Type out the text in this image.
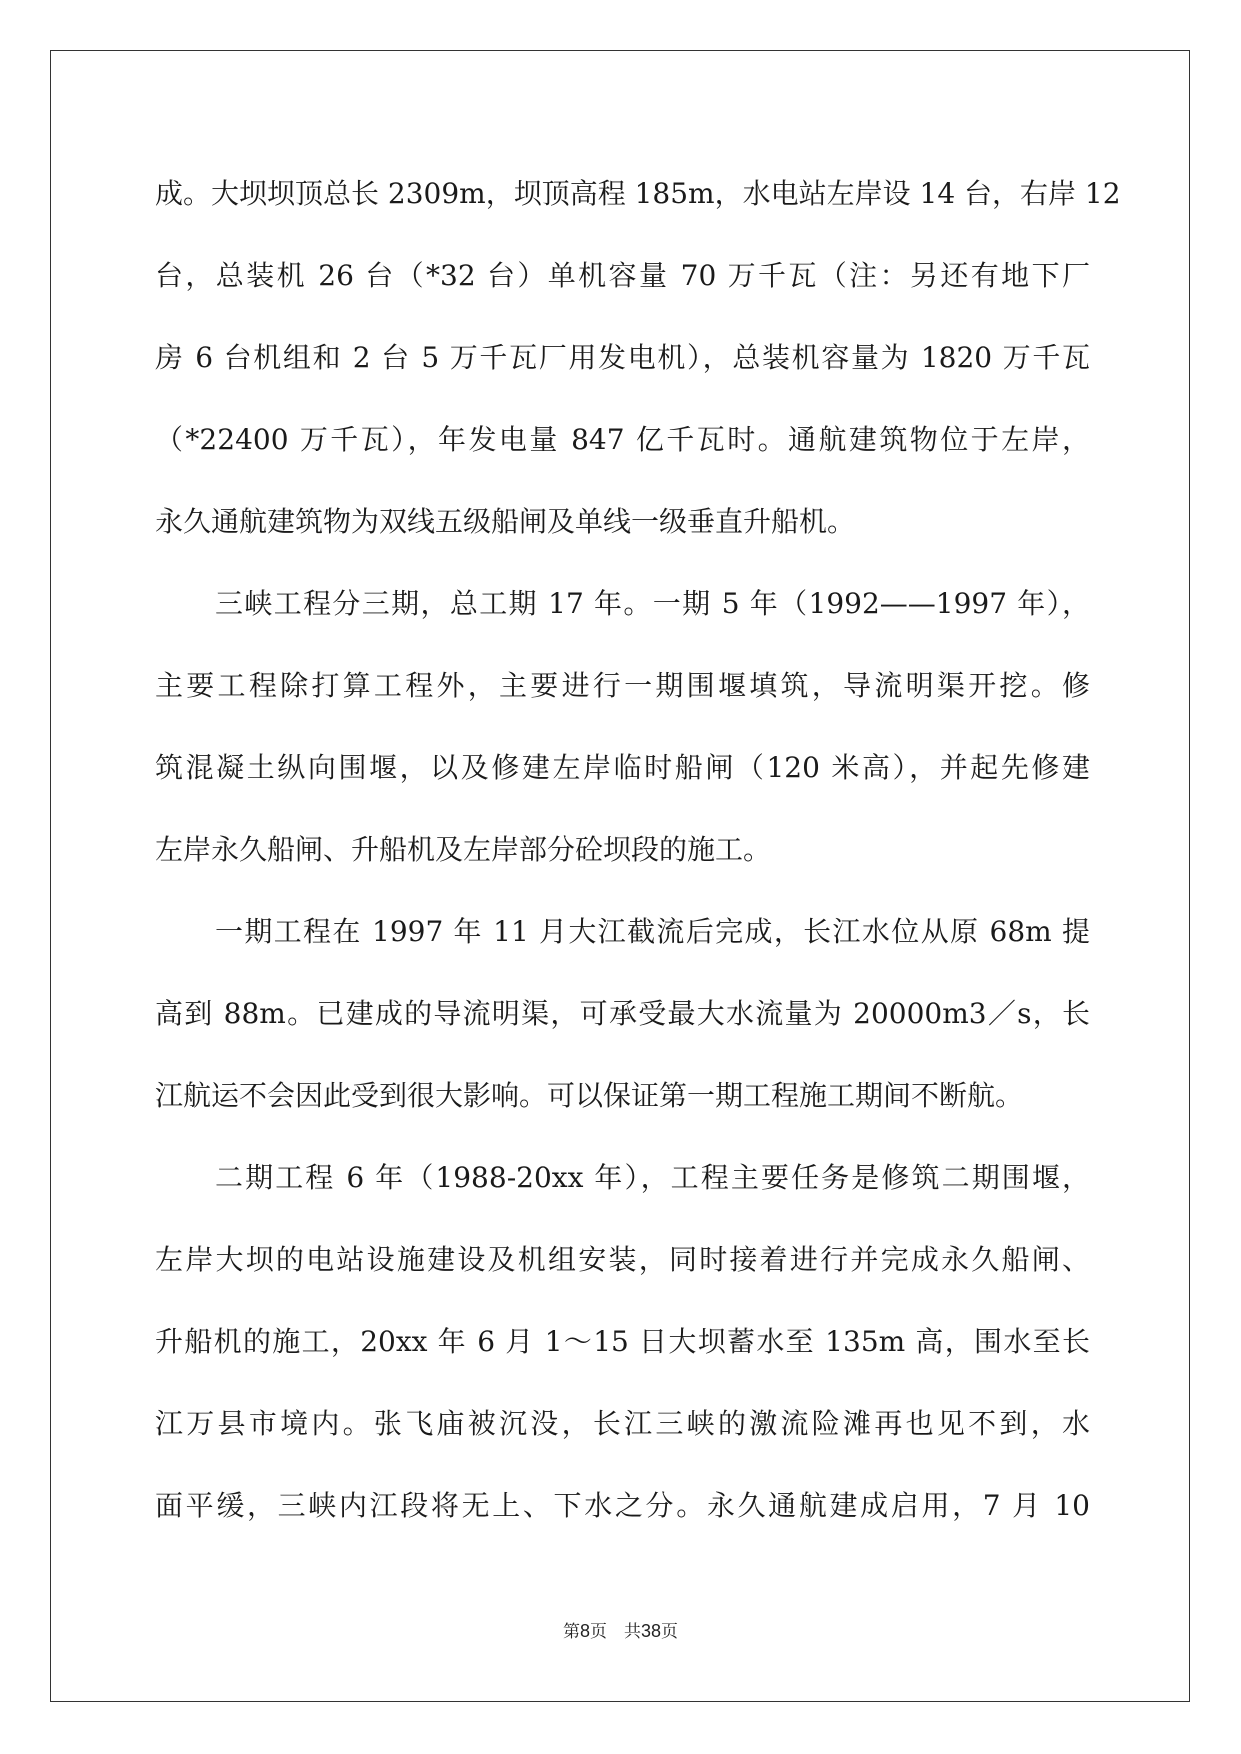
成。大坝坝顶总长 2309m，坝顶高程 185m，水电站左岸设 14 台，右岸 12
台，总装机 26 台（*32 台）单机容量 70 万千瓦（注：另还有地下厂
房 6 台机组和 2 台 5 万千瓦厂用发电机），总装机容量为 1820 万千瓦
（*22400 万千瓦），年发电量 847 亿千瓦时。通航建筑物位于左岸，
永久通航建筑物为双线五级船闸及单线一级垂直升船机。
三峡工程分三期，总工期 17 年。一期 5 年（1992——1997 年），
主要工程除打算工程外，主要进行一期围堰填筑，导流明渠开挖。修
筑混凝土纵向围堰，以及修建左岸临时船闸（120 米高），并起先修建
左岸永久船闸、升船机及左岸部分砼坝段的施工。
一期工程在 1997 年 11 月大江截流后完成，长江水位从原 68m 提
高到 88m。已建成的导流明渠，可承受最大水流量为 20000m3／s，长
江航运不会因此受到很大影响。可以保证第一期工程施工期间不断航。
二期工程 6 年（1988-20xx 年），工程主要任务是修筑二期围堰，
左岸大坝的电站设施建设及机组安装，同时接着进行并完成永久船闸、
升船机的施工，20xx 年 6 月 1～15 日大坝蓄水至 135m 高，围水至长
江万县市境内。张飞庙被沉没，长江三峡的激流险滩再也见不到，水
面平缓，三峡内江段将无上、下水之分。永久通航建成启用，7 月 10
第8页　共38页
